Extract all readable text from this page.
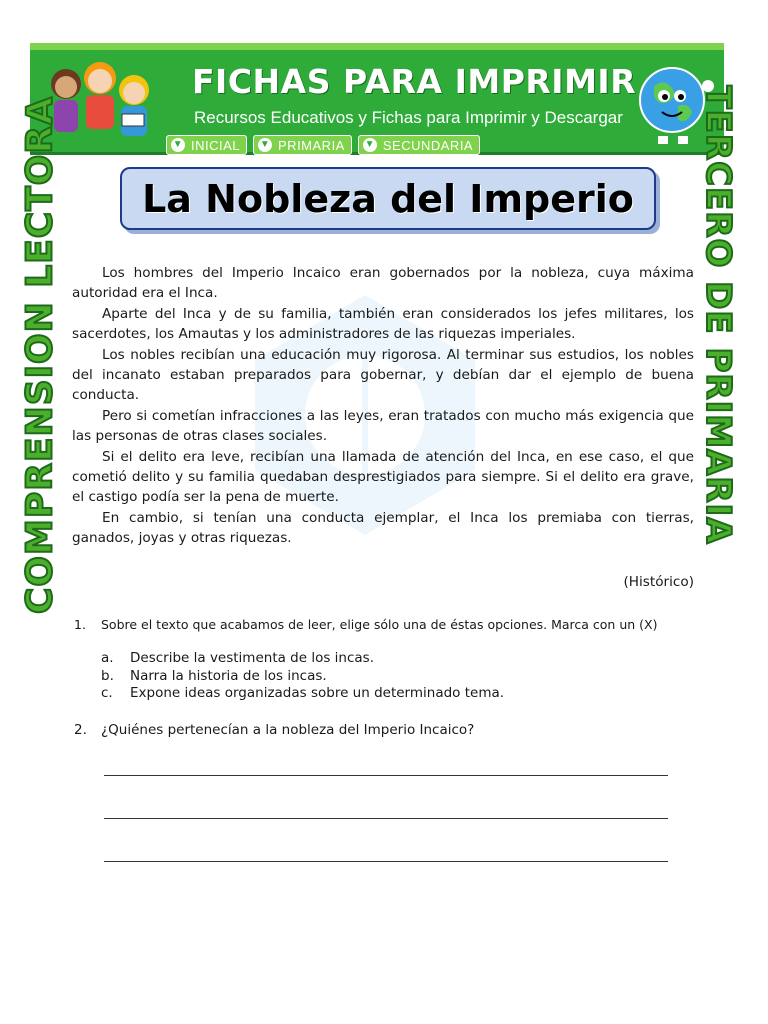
FICHAS PARA IMPRIMIR
Recursos Educativos y Fichas para Imprimir y Descargar
▼ INICIAL ▼ PRIMARIA ▼ SECUNDARIA
COMPRENSION LECTORA	TERCERO DE PRIMARIA
La Nobleza del Imperio

Los hombres del Imperio Incaico eran gobernados por la nobleza, cuya máxima autoridad era el Inca.

Aparte del Inca y de su familia, también eran considerados los jefes militares, los sacerdotes, los Amautas y los administradores de las riquezas imperiales.

Los nobles recibían una educación muy rigorosa. Al terminar sus estudios, los nobles del incanato estaban preparados para gobernar, y debían dar el ejemplo de buena conducta.

Pero si cometían infracciones a las leyes, eran tratados con mucho más exigencia que las personas de otras clases sociales.

Si el delito era leve, recibían una llamada de atención del Inca, en ese caso, el que cometió delito y su familia quedaban desprestigiados para siempre. Si el delito era grave, el castigo podía ser la pena de muerte.

En cambio, si tenían una conducta ejemplar, el Inca los premiaba con tierras, ganados, joyas y otras riquezas.

(Histórico)
1. Sobre el texto que acabamos de leer, elige sólo una de éstas opciones. Marca con un (X)
a.	Describe la vestimenta de los incas.
b.	Narra la historia de los incas.
c.	Expone ideas organizadas sobre un determinado tema.
2. ¿Quiénes pertenecían a la nobleza del Imperio Incaico?
